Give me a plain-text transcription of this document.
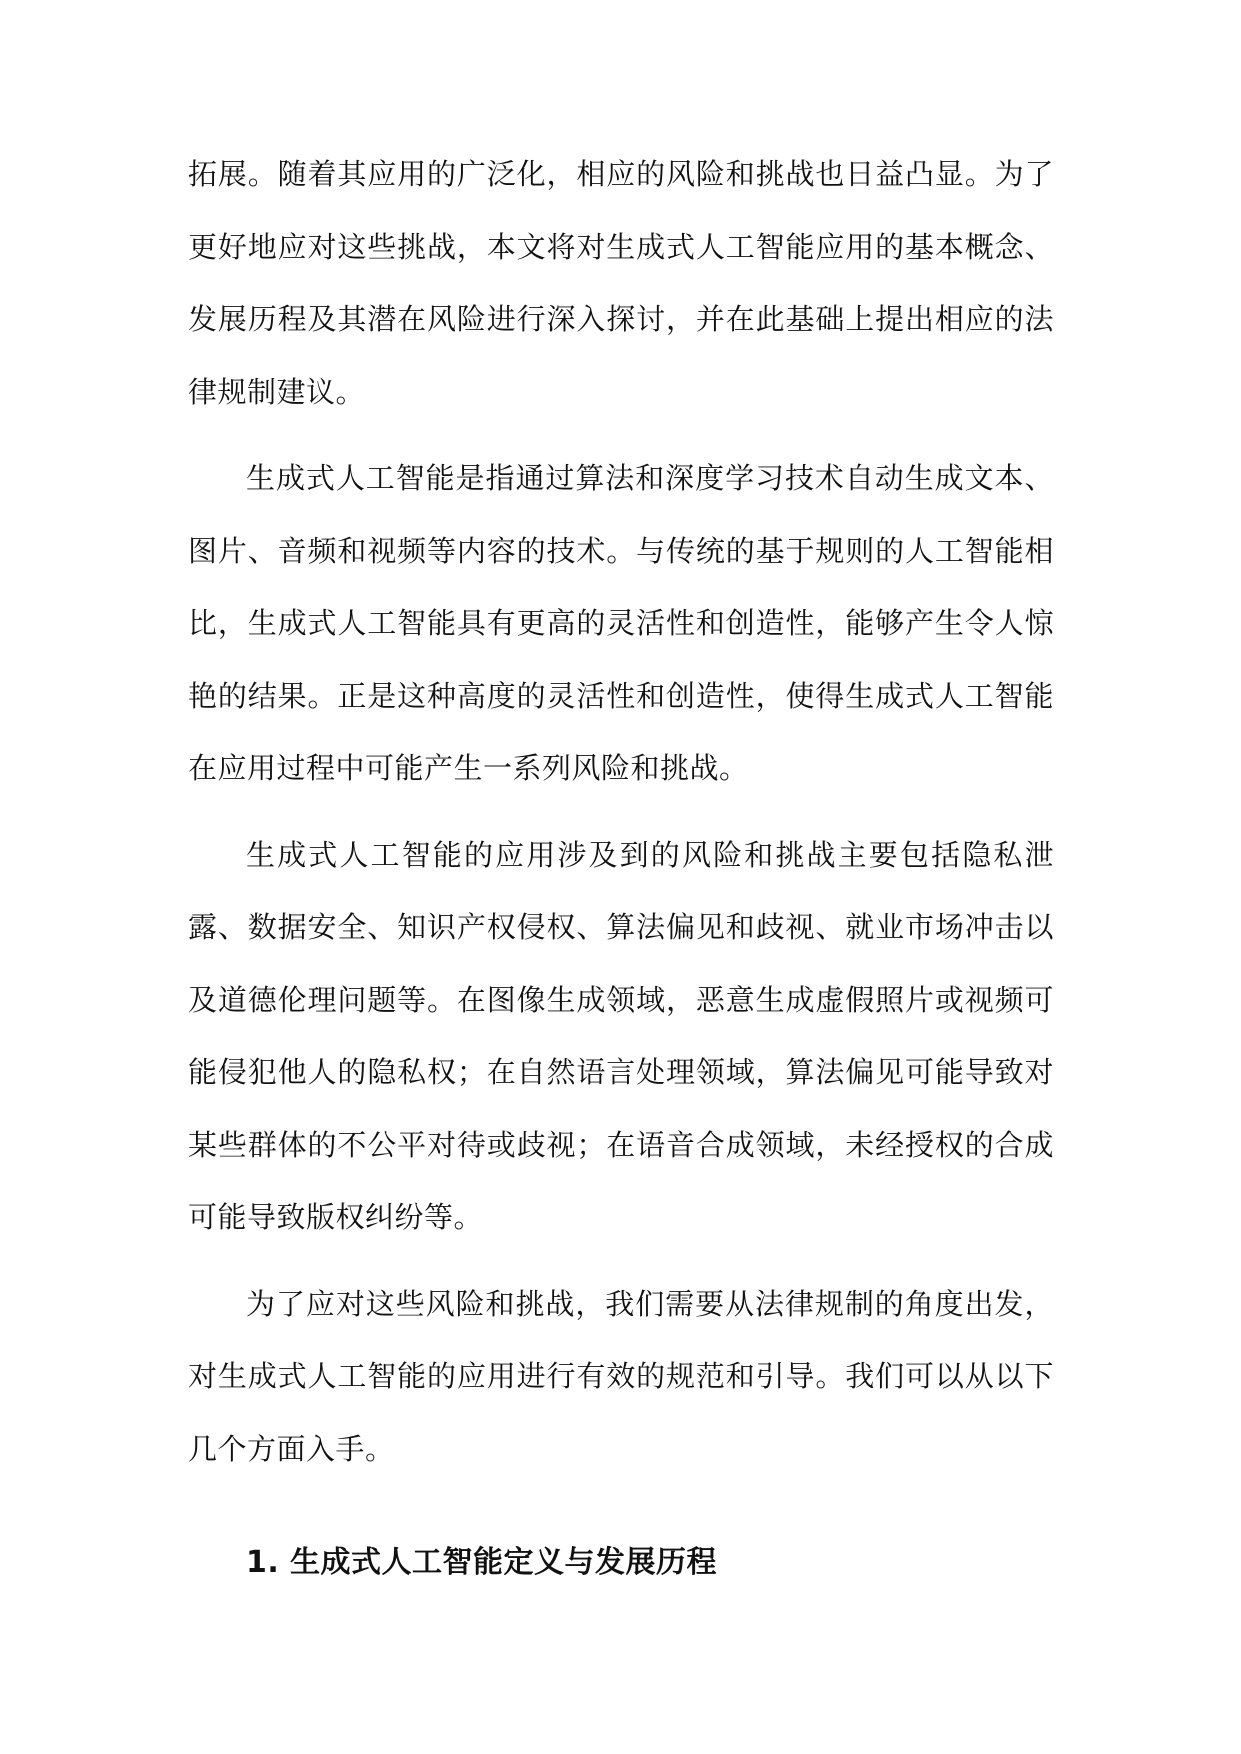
拓展。随着其应用的广泛化，相应的风险和挑战也日益凸显。为了更好地应对这些挑战，本文将对生成式人工智能应用的基本概念、发展历程及其潜在风险进行深入探讨，并在此基础上提出相应的法律规制建议。

生成式人工智能是指通过算法和深度学习技术自动生成文本、图片、音频和视频等内容的技术。与传统的基于规则的人工智能相比，生成式人工智能具有更高的灵活性和创造性，能够产生令人惊艳的结果。正是这种高度的灵活性和创造性，使得生成式人工智能在应用过程中可能产生一系列风险和挑战。

生成式人工智能的应用涉及到的风险和挑战主要包括隐私泄露、数据安全、知识产权侵权、算法偏见和歧视、就业市场冲击以及道德伦理问题等。在图像生成领域，恶意生成虚假照片或视频可能侵犯他人的隐私权；在自然语言处理领域，算法偏见可能导致对某些群体的不公平对待或歧视；在语音合成领域，未经授权的合成可能导致版权纠纷等。

为了应对这些风险和挑战，我们需要从法律规制的角度出发，对生成式人工智能的应用进行有效的规范和引导。我们可以从以下几个方面入手。

1. 生成式人工智能定义与发展历程
